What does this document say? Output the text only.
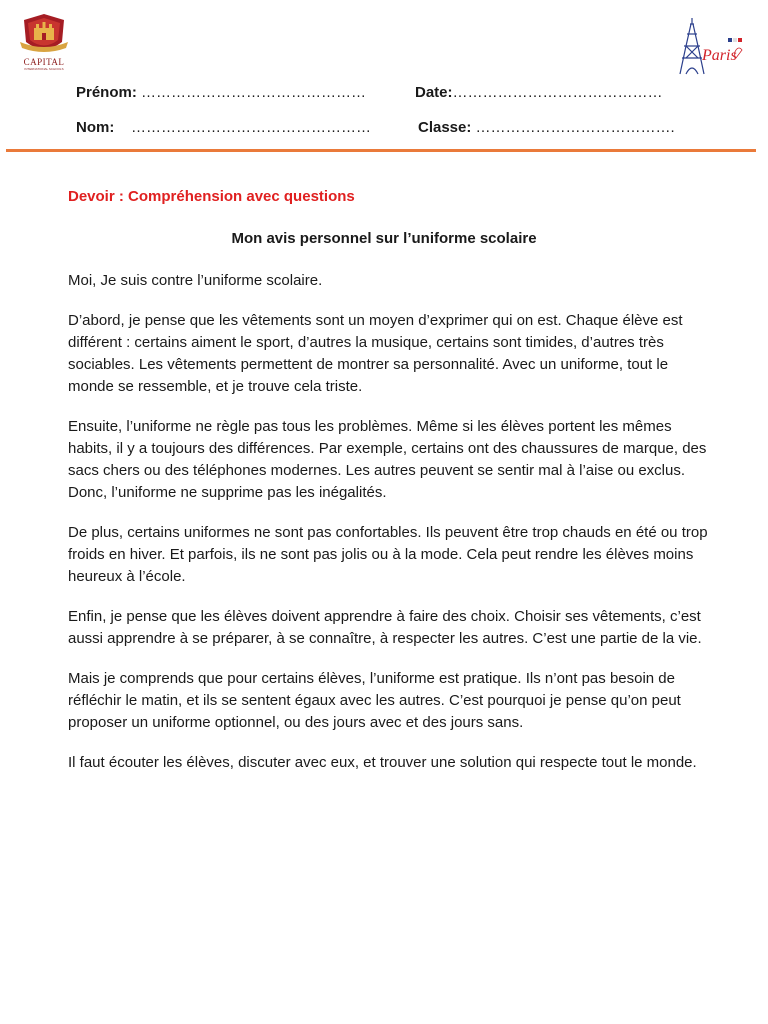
CAPITAL
INTERNATIONAL SCHOOLS
Paris
Prénom: ………………………………………	Date:……………………………………
Nom: …………………………………………	Classe: ………………………………….
Devoir : Compréhension avec questions
Mon avis personnel sur l’uniforme scolaire

Moi, Je suis contre l’uniforme scolaire.

D’abord, je pense que les vêtements sont un moyen d’exprimer qui on est. Chaque élève est différent : certains aiment le sport, d’autres la musique, certains sont timides, d’autres très sociables. Les vêtements permettent de montrer sa personnalité. Avec un uniforme, tout le monde se ressemble, et je trouve cela triste.

Ensuite, l’uniforme ne règle pas tous les problèmes. Même si les élèves portent les mêmes habits, il y a toujours des différences. Par exemple, certains ont des chaussures de marque, des sacs chers ou des téléphones modernes. Les autres peuvent se sentir mal à l’aise ou exclus. Donc, l’uniforme ne supprime pas les inégalités.

De plus, certains uniformes ne sont pas confortables. Ils peuvent être trop chauds en été ou trop froids en hiver. Et parfois, ils ne sont pas jolis ou à la mode. Cela peut rendre les élèves moins heureux à l’école.

Enfin, je pense que les élèves doivent apprendre à faire des choix. Choisir ses vêtements, c’est aussi apprendre à se préparer, à se connaître, à respecter les autres. C’est une partie de la vie.

Mais je comprends que pour certains élèves, l’uniforme est pratique. Ils n’ont pas besoin de réfléchir le matin, et ils se sentent égaux avec les autres. C’est pourquoi je pense qu’on peut proposer un uniforme optionnel, ou des jours avec et des jours sans.

Il faut écouter les élèves, discuter avec eux, et trouver une solution qui respecte tout le monde.
